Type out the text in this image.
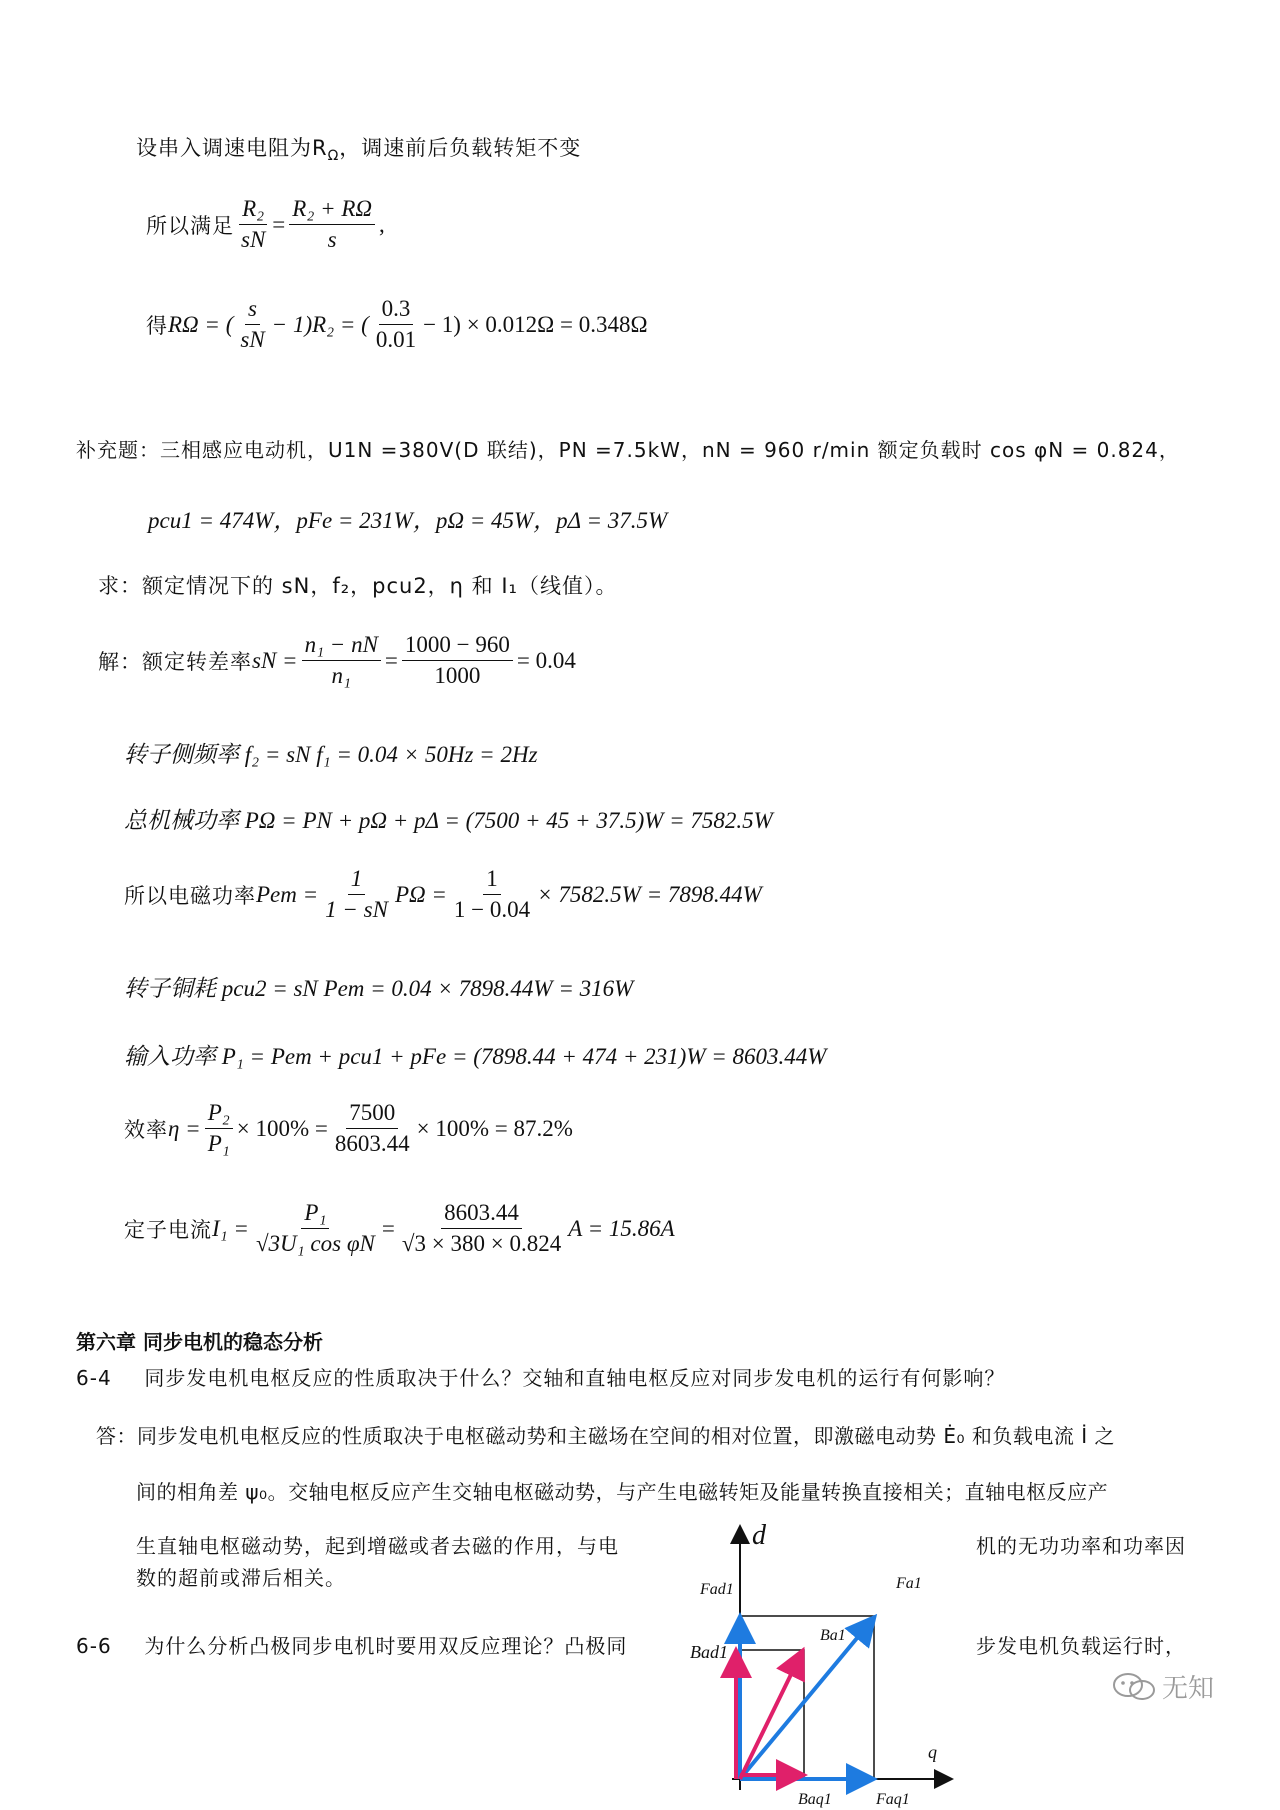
设串入调速电阻为$R_\Omega$，调速前后负载转矩不变
所以满足 $\frac{\text{R₂}}{sN} = \frac{\text{R₂ + RΩ}}{s}$ ,
得 RΩ = ( $\frac{s}{sN} - 1)R_2$ = ( $\frac{0.3}{0.01} - 1) \times 0.012\Omega = 0.348\Omega$
补充题：三相感应电动机，U1N =380V(D 联结)，PN =7.5kW，nN = 960 r/min 额定负载时 cos φN = 0.824，
pcu1 = 474W，pFe = 231W，pΩ = 45W，pΔ = 37.5W
求：额定情况下的 sN，f₂，pcu2，η 和 I₁（线值）。
解：额定转差率 sN = $\frac{\text{n₁ − nN}}{\text{n₁}} = \frac{1000 - 960}{1000} = 0.04$
转子侧频率 f₂ = sN f₁ = 0.04 × 50Hz = 2Hz
总机械功率 PΩ = PN + pΩ + pΔ = (7500 + 45 + 37.5)W = 7582.5W
所以电磁功率 Pem = $\frac{1}{1 - sN}$ $P\Omega = \frac{1}{1 - 0.04} \times 7582.5W = 7898.44W$
转子铜耗 pcu2 = sN Pem = 0.04 × 7898.44W = 316W
输入功率 P₁ = Pem + pcu1 + pFe = (7898.44 + 474 + 231)W = 8603.44W
效率 $\eta = \frac{\text{P₂}}{\text{P₁}} \times 100\% = \frac{7500}{8603.44} \times 100\% = 87.2\%$
定子电流 $I_1 = \frac{\text{P₁}}{\text{√3U₁ cos φN}} = \frac{8603.44}{√3 \times 380 \times 0.824}$ A = 15.86A
第六章 同步电机的稳态分析
6-4 同步发电机电枢反应的性质取决于什么？交轴和直轴电枢反应对同步发电机的运行有何影响？
答：同步发电机电枢反应的性质取决于电枢磁动势和主磁场在空间的相对位置，即激磁电动势 Ė₀ 和负载电流 İ 之
间的相角差 ψ₀。交轴电枢反应产生交轴电枢磁动势，与产生电磁转矩及能量转换直接相关；直轴电枢反应产
生直轴电枢磁动势，起到增磁或者去磁的作用，与电	机的无功功率和功率因
数的超前或滞后相关。
6-6 为什么分析凸极同步电机时要用双反应理论？凸极同	步发电机负载运行时，
d
q
Fad1	Fa1
Ba1
Bad1
Baq1	Faq1
无知
